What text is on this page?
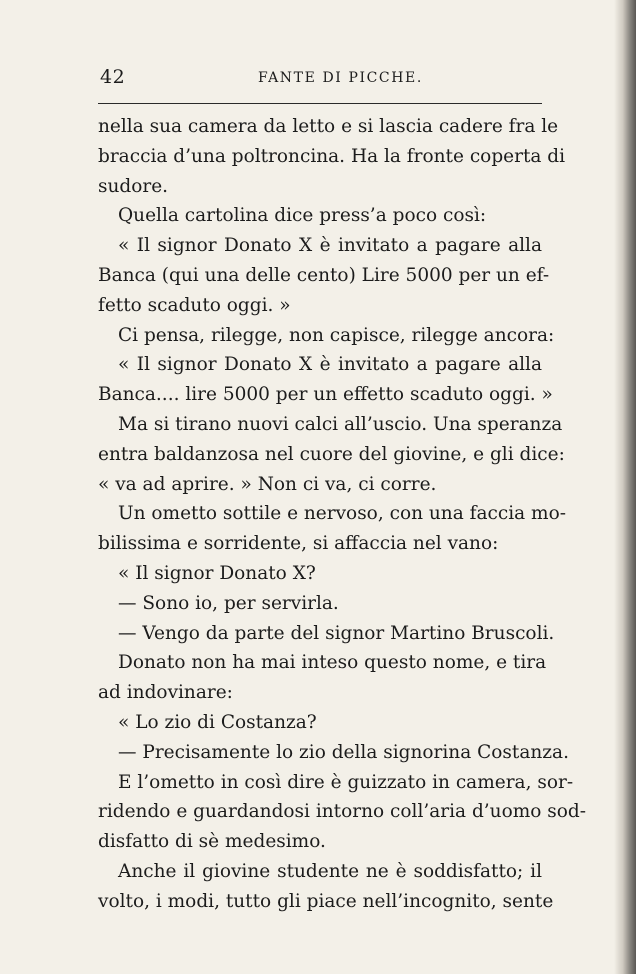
42	FANTE DI PICCHE.
nella sua camera da letto e si lascia cadere fra le
braccia d’una poltroncina. Ha la fronte coperta di
sudore.
Quella cartolina dice press’a poco così:
« Il signor Donato X è invitato a pagare alla
Banca (qui una delle cento) Lire 5000 per un ef-
fetto scaduto oggi. »
Ci pensa, rilegge, non capisce, rilegge ancora:
« Il signor Donato X è invitato a pagare alla
Banca.... lire 5000 per un effetto scaduto oggi. »
Ma si tirano nuovi calci all’uscio. Una speranza
entra baldanzosa nel cuore del giovine, e gli dice:
« va ad aprire. » Non ci va, ci corre.
Un ometto sottile e nervoso, con una faccia mo-
bilissima e sorridente, si affaccia nel vano:
« Il signor Donato X?
— Sono io, per servirla.
— Vengo da parte del signor Martino Bruscoli.
Donato non ha mai inteso questo nome, e tira
ad indovinare:
« Lo zio di Costanza?
— Precisamente lo zio della signorina Costanza.
E l’ometto in così dire è guizzato in camera, sor-
ridendo e guardandosi intorno coll’aria d’uomo sod-
disfatto di sè medesimo.
Anche il giovine studente ne è soddisfatto; il
volto, i modi, tutto gli piace nell’incognito, sente
